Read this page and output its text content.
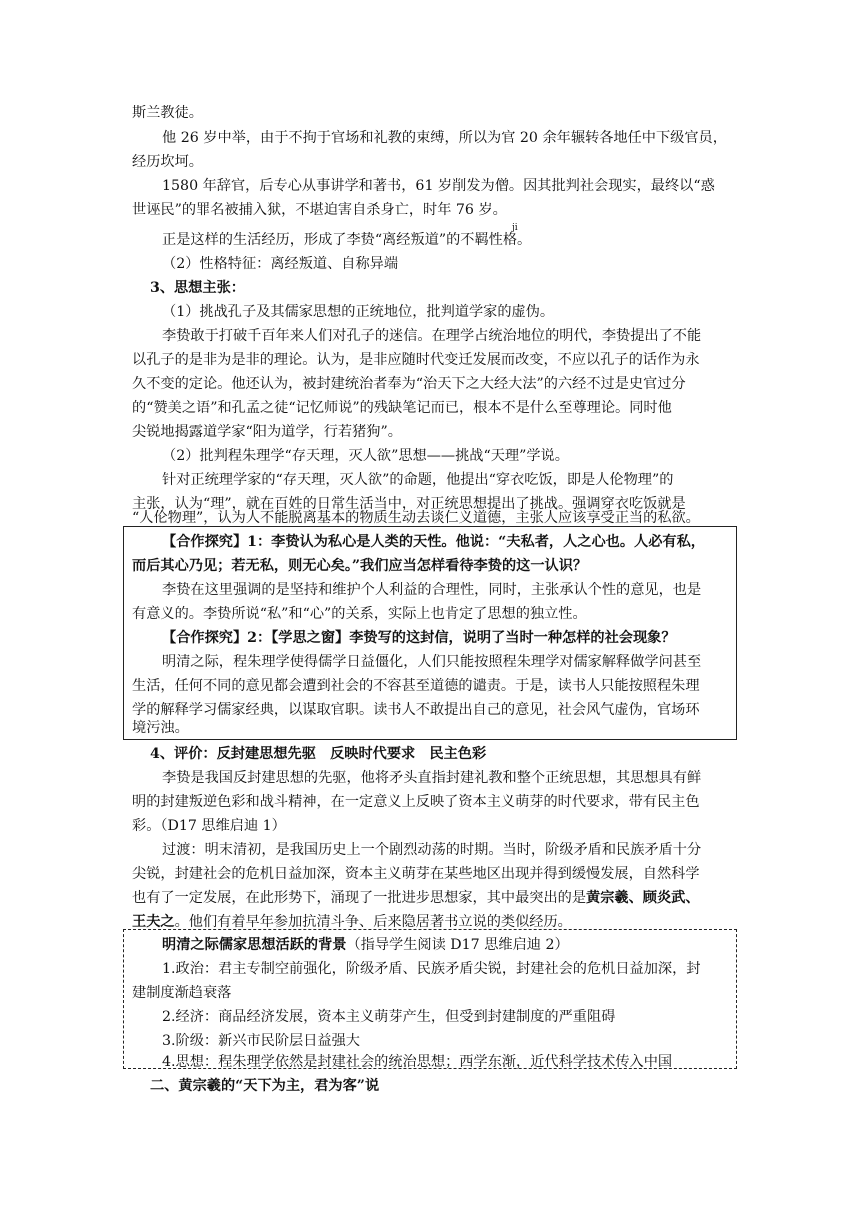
斯兰教徒。
他 26 岁中举，由于不拘于官场和礼教的束缚，所以为官 20 余年辗转各地任中下级官员，
经历坎坷。
1580 年辞官，后专心从事讲学和著书，61 岁削发为僧。因其批判社会现实，最终以“惑
世诬民”的罪名被捕入狱，不堪迫害自杀身亡，时年 76 岁。
ji
正是这样的生活经历，形成了李贽“离经叛道”的不羁性格。
（2）性格特征：离经叛道、自称异端
3、思想主张：
（1）挑战孔子及其儒家思想的正统地位，批判道学家的虚伪。
李贽敢于打破千百年来人们对孔子的迷信。在理学占统治地位的明代，李贽提出了不能
以孔子的是非为是非的理论。认为，是非应随时代变迁发展而改变，不应以孔子的话作为永
久不变的定论。他还认为，被封建统治者奉为“治天下之大经大法”的六经不过是史官过分
的“赞美之语”和孔孟之徒“记忆师说”的残缺笔记而已，根本不是什么至尊理论。同时他
尖锐地揭露道学家“阳为道学，行若猪狗”。
（2）批判程朱理学“存天理，灭人欲”思想——挑战“天理”学说。
针对正统理学家的“存天理，灭人欲”的命题，他提出“穿衣吃饭，即是人伦物理”的
主张，认为“理”，就在百姓的日常生活当中，对正统思想提出了挑战。强调穿衣吃饭就是
“人伦物理”，认为人不能脱离基本的物质生动去谈仁义道德，主张人应该享受正当的私欲。
【合作探究】1：李贽认为私心是人类的天性。他说：“夫私者，人之心也。人必有私，
而后其心乃见；若无私，则无心矣。”我们应当怎样看待李贽的这一认识？
李贽在这里强调的是坚持和维护个人利益的合理性，同时，主张承认个性的意见，也是
有意义的。李贽所说“私”和“心”的关系，实际上也肯定了思想的独立性。
【合作探究】2：【学思之窗】李贽写的这封信，说明了当时一种怎样的社会现象？
明清之际，程朱理学使得儒学日益僵化，人们只能按照程朱理学对儒家解释做学问甚至
生活，任何不同的意见都会遭到社会的不容甚至道德的谴责。于是，读书人只能按照程朱理
学的解释学习儒家经典，以谋取官职。读书人不敢提出自己的意见，社会风气虚伪，官场环
境污浊。
4、评价：反封建思想先驱　反映时代要求　民主色彩
李贽是我国反封建思想的先驱，他将矛头直指封建礼教和整个正统思想，其思想具有鲜
明的封建叛逆色彩和战斗精神，在一定意义上反映了资本主义萌芽的时代要求，带有民主色
彩。（D17 思维启迪 1）
过渡：明末清初，是我国历史上一个剧烈动荡的时期。当时，阶级矛盾和民族矛盾十分
尖锐，封建社会的危机日益加深，资本主义萌芽在某些地区出现并得到缓慢发展，自然科学
也有了一定发展，在此形势下，涌现了一批进步思想家，其中最突出的是黄宗羲、顾炎武、
王夫之。他们有着早年参加抗清斗争、后来隐居著书立说的类似经历。
明清之际儒家思想活跃的背景（指导学生阅读 D17 思维启迪 2）
1.政治：君主专制空前强化，阶级矛盾、民族矛盾尖锐，封建社会的危机日益加深，封
建制度渐趋衰落
2.经济：商品经济发展，资本主义萌芽产生，但受到封建制度的严重阻碍
3.阶级：新兴市民阶层日益强大
4.思想：程朱理学依然是封建社会的统治思想；西学东渐，近代科学技术传入中国
二、黄宗羲的“天下为主，君为客”说
